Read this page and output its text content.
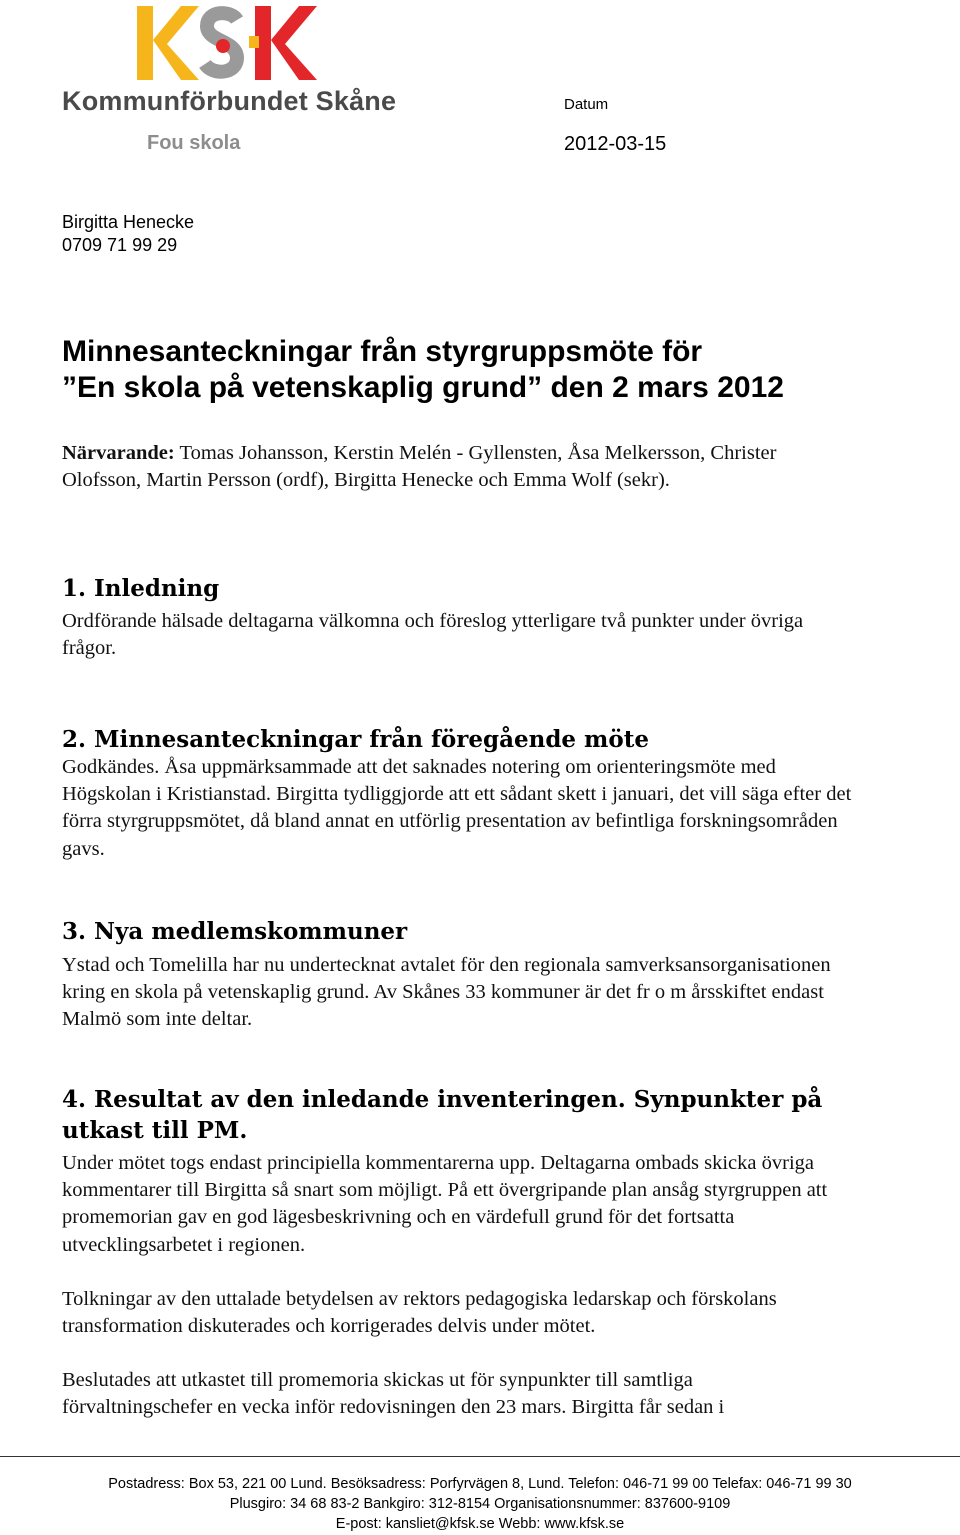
Kommunförbundet Skåne
Fou skola
Datum
2012-03-15
Birgitta Henecke
0709 71 99 29
Minnesanteckningar från styrgruppsmöte för
”En skola på vetenskaplig grund” den 2 mars 2012
Närvarande: Tomas Johansson, Kerstin Melén - Gyllensten, Åsa Melkersson, Christer Olofsson, Martin Persson (ordf), Birgitta Henecke och Emma Wolf (sekr).
1. Inledning
Ordförande hälsade deltagarna välkomna och föreslog ytterligare två punkter under övriga frågor.
2. Minnesanteckningar från föregående möte
Godkändes. Åsa uppmärksammade att det saknades notering om orienteringsmöte med Högskolan i Kristianstad. Birgitta tydliggjorde att ett sådant skett i januari, det vill säga efter det förra styrgruppsmötet, då bland annat en utförlig presentation av befintliga forskningsområden gavs.
3. Nya medlemskommuner
Ystad och Tomelilla har nu undertecknat avtalet för den regionala samverksansorganisationen kring en skola på vetenskaplig grund. Av Skånes 33 kommuner är det fr o m årsskiftet endast Malmö som inte deltar.
4. Resultat av den inledande inventeringen. Synpunkter på utkast till PM.
Under mötet togs endast principiella kommentarerna upp. Deltagarna ombads skicka övriga kommentarer till Birgitta så snart som möjligt. På ett övergripande plan ansåg styrgruppen att promemorian gav en god lägesbeskrivning och en värdefull grund för det fortsatta utvecklingsarbetet i regionen.
Tolkningar av den uttalade betydelsen av rektors pedagogiska ledarskap och förskolans transformation diskuterades och korrigerades delvis under mötet.
Beslutades att utkastet till promemoria skickas ut för synpunkter till samtliga förvaltningschefer en vecka inför redovisningen den 23 mars. Birgitta får sedan i
Postadress: Box 53, 221 00 Lund. Besöksadress: Porfyrvägen 8, Lund. Telefon: 046-71 99 00 Telefax: 046-71 99 30
Plusgiro: 34 68 83-2 Bankgiro: 312-8154 Organisationsnummer: 837600-9109
E-post: kansliet@kfsk.se Webb: www.kfsk.se
